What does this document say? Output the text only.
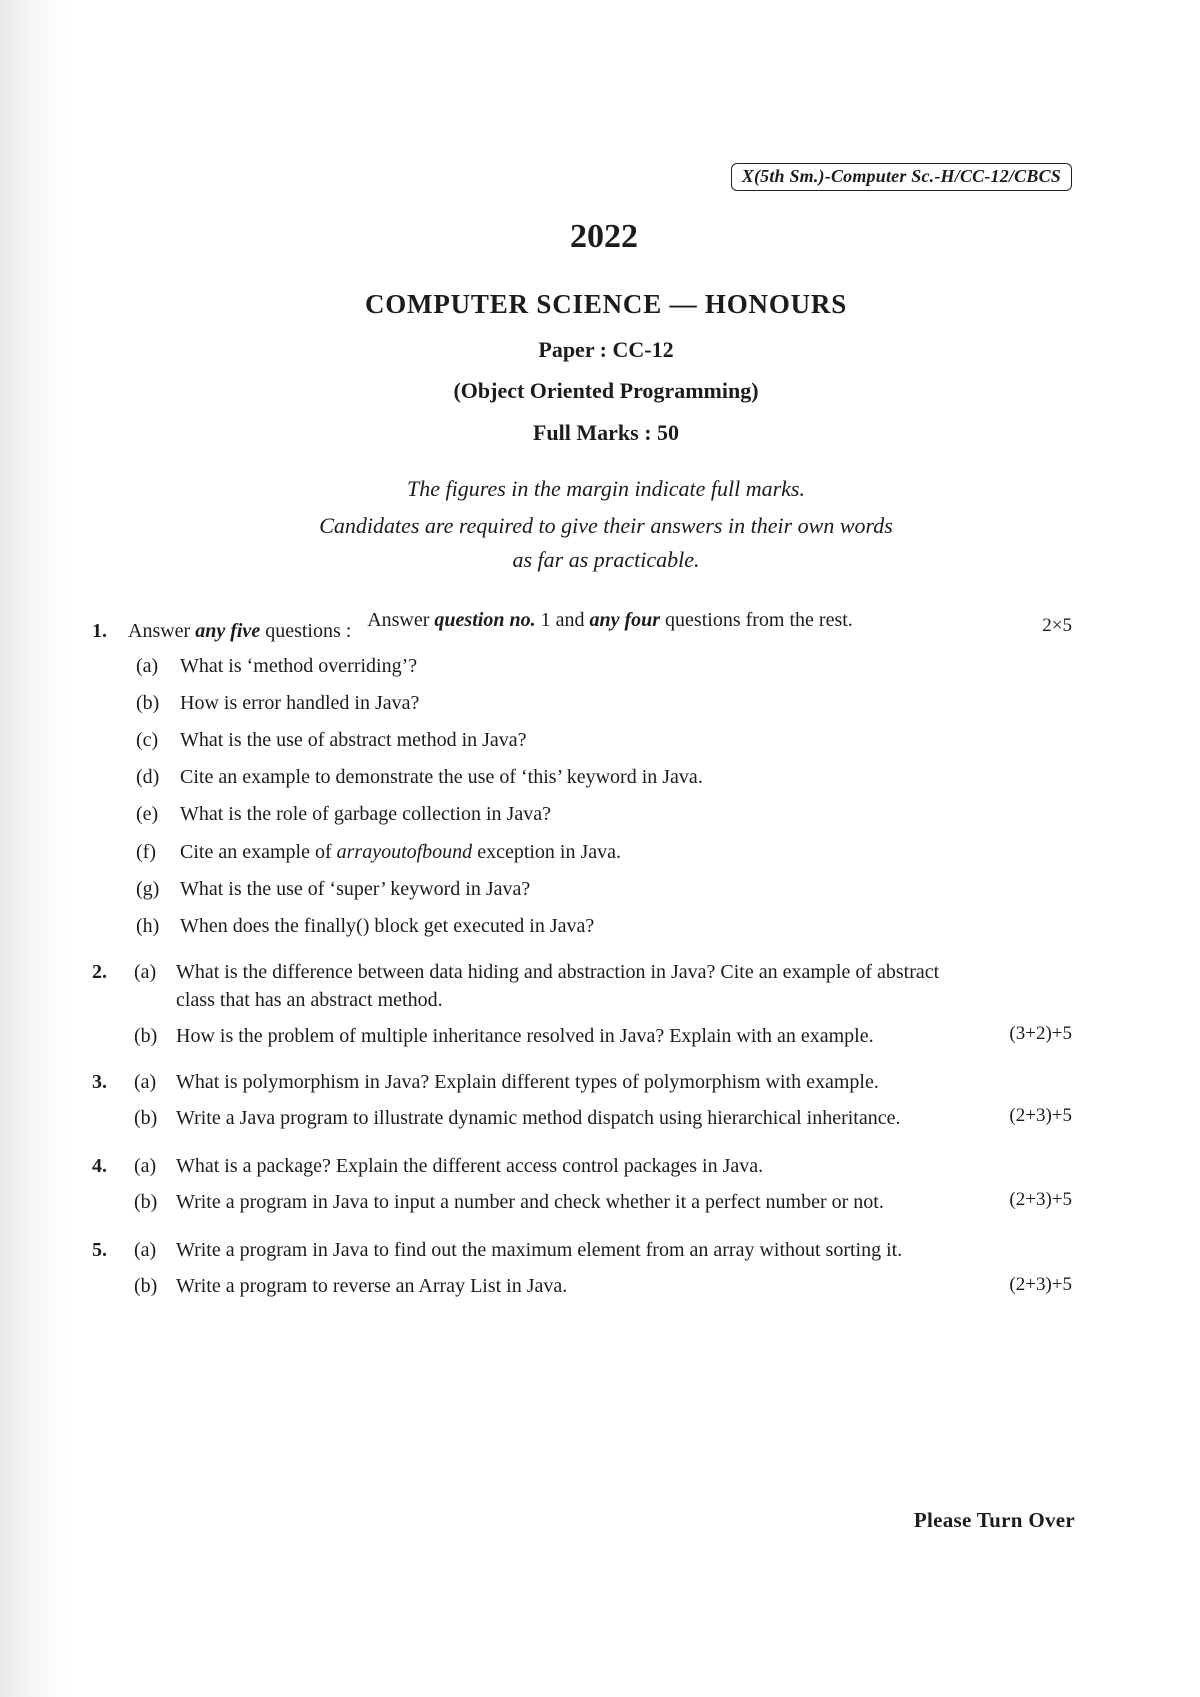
X(5th Sm.)-Computer Sc.-H/CC-12/CBCS
2022
COMPUTER SCIENCE — HONOURS
Paper : CC-12
(Object Oriented Programming)
Full Marks : 50
The figures in the margin indicate full marks.
Candidates are required to give their answers in their own words
as far as practicable.
Answer question no. 1 and any four questions from the rest.
1. Answer any five questions :	2×5
(a) What is ‘method overriding’?
(b) How is error handled in Java?
(c) What is the use of abstract method in Java?
(d) Cite an example to demonstrate the use of ‘this’ keyword in Java.
(e) What is the role of garbage collection in Java?
(f) Cite an example of arrayoutofbound exception in Java.
(g) What is the use of ‘super’ keyword in Java?
(h) When does the finally() block get executed in Java?
2. (a) What is the difference between data hiding and abstraction in Java? Cite an example of abstract
class that has an abstract method.
(b) How is the problem of multiple inheritance resolved in Java? Explain with an example.	(3+2)+5
3. (a) What is polymorphism in Java? Explain different types of polymorphism with example.
(b) Write a Java program to illustrate dynamic method dispatch using hierarchical inheritance.	(2+3)+5
4. (a) What is a package? Explain the different access control packages in Java.
(b) Write a program in Java to input a number and check whether it a perfect number or not.	(2+3)+5
5. (a) Write a program in Java to find out the maximum element from an array without sorting it.
(b) Write a program to reverse an Array List in Java.	(2+3)+5
Please Turn Over
